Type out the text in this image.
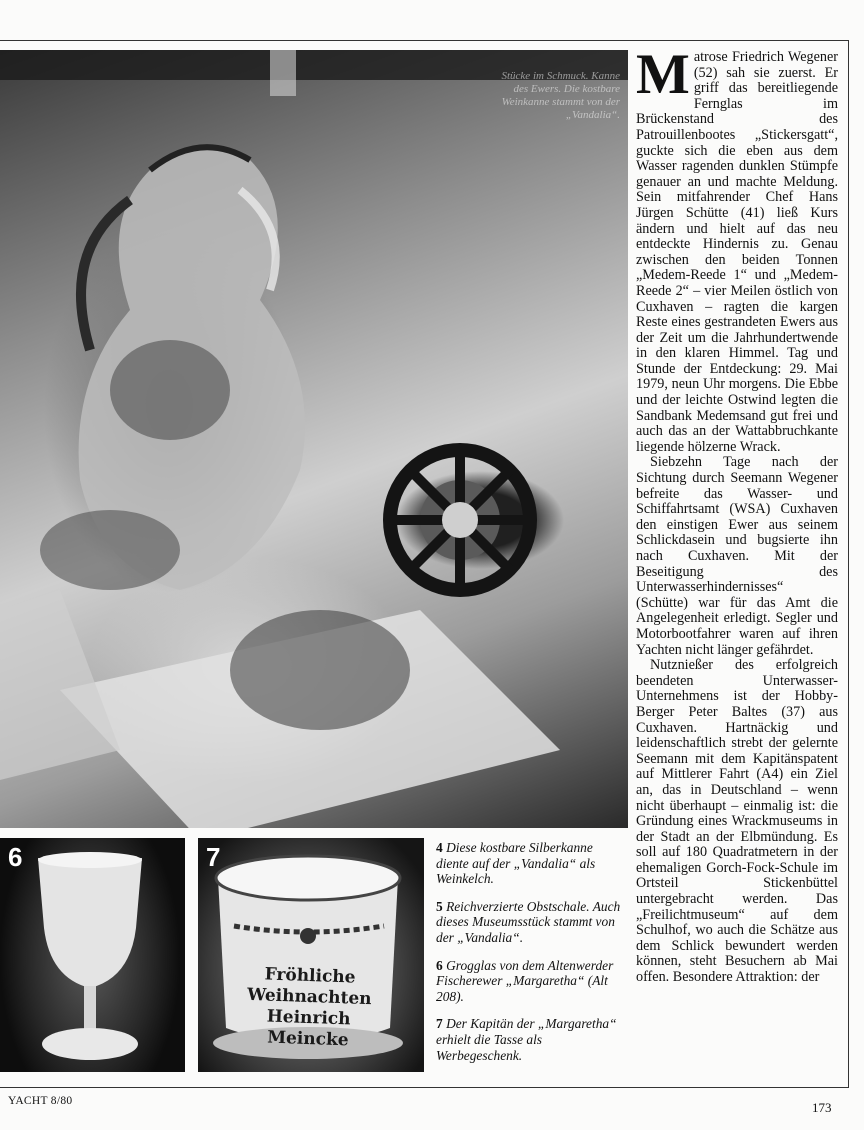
Stücke im Schmuck. Kanne des Ewers. Die kostbare Weinkanne stammt von der „Vandalia“.

Matrose Friedrich Wegener (52) sah sie zuerst. Er griff das bereitliegende Fernglas im Brückenstand des Patrouillenbootes „Stickersgatt“, guckte sich die eben aus dem Wasser ragenden dunklen Stümpfe genauer an und machte Meldung. Sein mitfahrender Chef Hans Jürgen Schütte (41) ließ Kurs ändern und hielt auf das neu entdeckte Hindernis zu. Genau zwischen den beiden Tonnen „Medem-Reede 1“ und „Medem-Reede 2“ – vier Meilen östlich von Cuxhaven – ragten die kargen Reste eines gestrandeten Ewers aus der Zeit um die Jahrhundertwende in den klaren Himmel. Tag und Stunde der Entdeckung: 29. Mai 1979, neun Uhr morgens. Die Ebbe und der leichte Ostwind legten die Sandbank Medemsand gut frei und auch das an der Wattabbruchkante liegende hölzerne Wrack.

Siebzehn Tage nach der Sichtung durch Seemann Wegener befreite das Wasser- und Schiffahrtsamt (WSA) Cuxhaven den einstigen Ewer aus seinem Schlickdasein und bugsierte ihn nach Cuxhaven. Mit der Beseitigung des Unterwasserhindernisses“ (Schütte) war für das Amt die Angelegenheit erledigt. Segler und Motorbootfahrer waren auf ihren Yachten nicht länger gefährdet.

Nutznießer des erfolgreich beendeten Unterwasser-Unternehmens ist der Hobby-Berger Peter Baltes (37) aus Cuxhaven. Hartnäckig und leidenschaftlich strebt der gelernte Seemann mit dem Kapitänspatent auf Mittlerer Fahrt (A4) ein Ziel an, das in Deutschland – wenn nicht überhaupt – einmalig ist: die Gründung eines Wrackmuseums in der Stadt an der Elbmündung. Es soll auf 180 Quadratmetern in der ehemaligen Gorch-Fock-Schule im Ortsteil Stickenbüttel untergebracht werden. Das „Freilichtmuseum“ auf dem Schulhof, wo auch die Schätze aus dem Schlick bewundert werden können, steht Besuchern ab Mai offen. Besondere Attraktion: der

6	7
Fröhliche Weihnachten
Heinrich Meincke

4 Diese kostbare Silberkanne diente auf der „Vandalia“ als Weinkelch.

5 Reichverzierte Obstschale. Auch dieses Museumsstück stammt von der „Vandalia“.

6 Grogglas von dem Altenwerder Fischerewer „Margaretha“ (Alt 208).

7 Der Kapitän der „Margaretha“ erhielt die Tasse als Werbegeschenk.

YACHT 8/80	173
